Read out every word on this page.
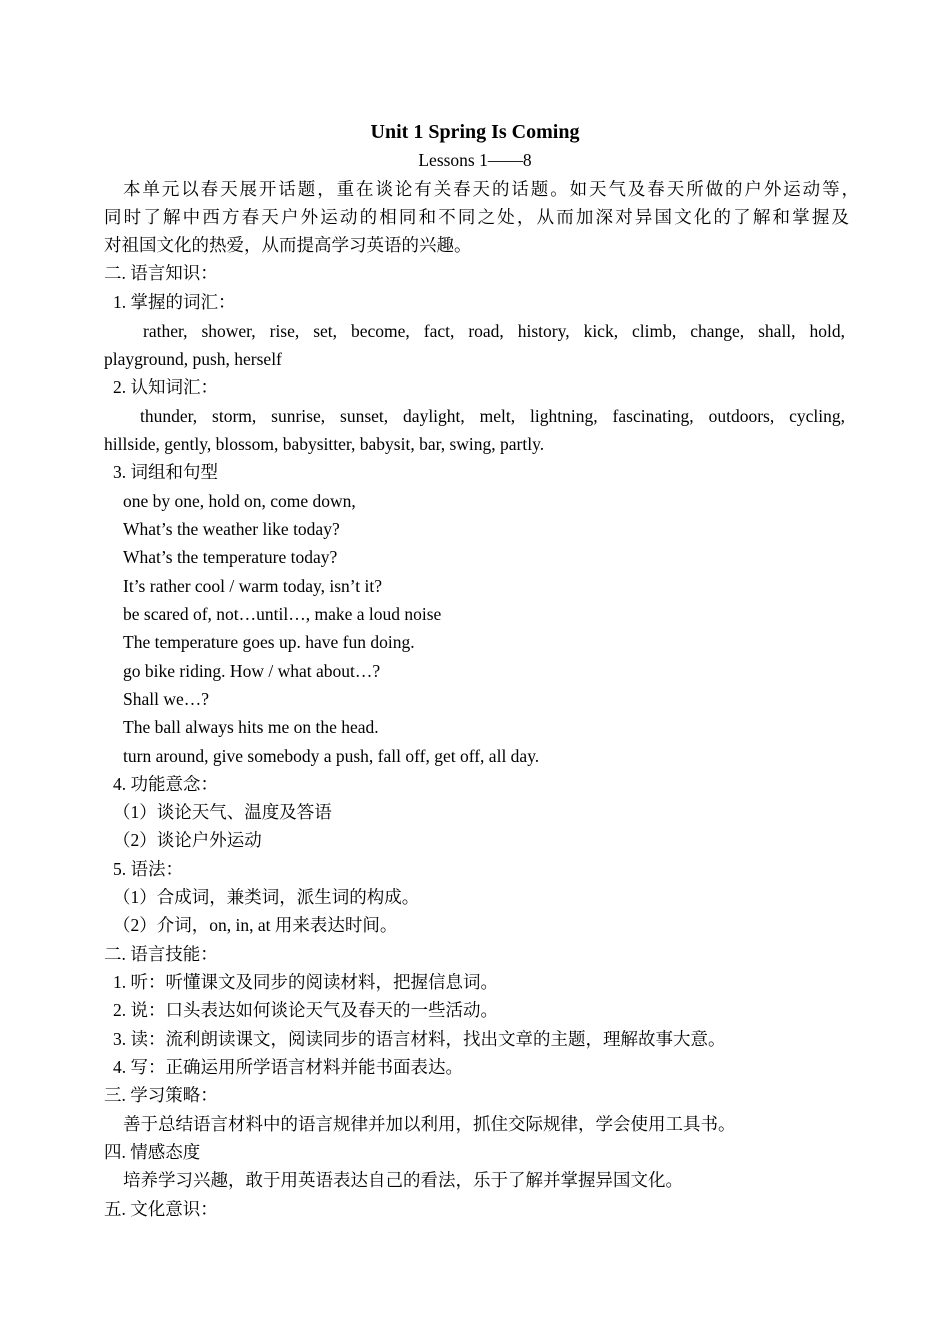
Unit 1 Spring Is Coming
Lessons 1——8
本单元以春天展开话题，重在谈论有关春天的话题。如天气及春天所做的户外运动等，
同时了解中西方春天户外运动的相同和不同之处，从而加深对异国文化的了解和掌握及
对祖国文化的热爱，从而提高学习英语的兴趣。
二. 语言知识：
1. 掌握的词汇：
rather, shower, rise, set, become, fact, road, history, kick, climb, change, shall, hold,
playground, push, herself
2. 认知词汇：
thunder, storm, sunrise, sunset, daylight, melt, lightning, fascinating, outdoors, cycling,
hillside, gently, blossom, babysitter, babysit, bar, swing, partly.
3. 词组和句型
one by one, hold on, come down,
What’s the weather like today?
What’s the temperature today?
It’s rather cool / warm today, isn’t it?
be scared of, not…until…, make a loud noise
The temperature goes up. have fun doing.
go bike riding. How / what about…?
Shall we…?
The ball always hits me on the head.
turn around, give somebody a push, fall off, get off, all day.
4. 功能意念：
（1）谈论天气、温度及答语
（2）谈论户外运动
5. 语法：
（1）合成词，兼类词，派生词的构成。
（2）介词，on, in, at 用来表达时间。
二. 语言技能：
1. 听：听懂课文及同步的阅读材料，把握信息词。
2. 说：口头表达如何谈论天气及春天的一些活动。
3. 读：流利朗读课文，阅读同步的语言材料，找出文章的主题，理解故事大意。
4. 写：正确运用所学语言材料并能书面表达。
三. 学习策略：
善于总结语言材料中的语言规律并加以利用，抓住交际规律，学会使用工具书。
四. 情感态度
培养学习兴趣，敢于用英语表达自己的看法，乐于了解并掌握异国文化。
五. 文化意识：
